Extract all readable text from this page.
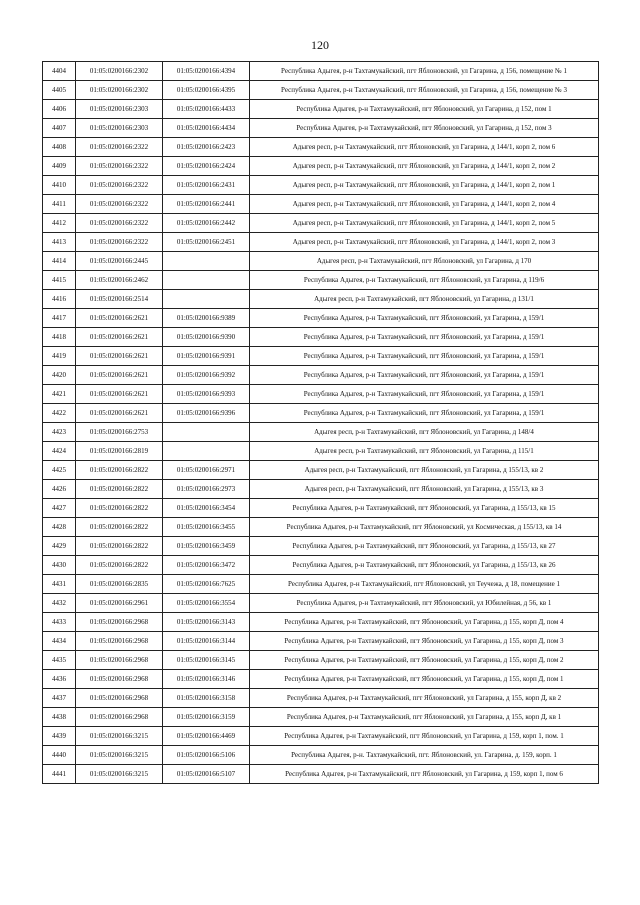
120
4404	01:05:0200166:2302	01:05:0200166:4394	Республика Адыгея, р-н Тахтамукайский, пгт Яблоновский, ул Гагарина, д 156, помещение № 1
4405	01:05:0200166:2302	01:05:0200166:4395	Республика Адыгея, р-н Тахтамукайский, пгт Яблоновский, ул Гагарина, д 156, помещение № 3
4406	01:05:0200166:2303	01:05:0200166:4433	Республика Адыгея, р-н Тахтамукайский, пгт Яблоновский, ул Гагарина, д 152, пом 1
4407	01:05:0200166:2303	01:05:0200166:4434	Республика Адыгея, р-н Тахтамукайский, пгт Яблоновский, ул Гагарина, д 152, пом 3
4408	01:05:0200166:2322	01:05:0200166:2423	Адыгея респ, р-н Тахтамукайский, пгт Яблоновский, ул Гагарина, д 144/1, корп 2, пом 6
4409	01:05:0200166:2322	01:05:0200166:2424	Адыгея респ, р-н Тахтамукайский, пгт Яблоновский, ул Гагарина, д 144/1, корп 2, пом 2
4410	01:05:0200166:2322	01:05:0200166:2431	Адыгея респ, р-н Тахтамукайский, пгт Яблоновский, ул Гагарина, д 144/1, корп 2, пом 1
4411	01:05:0200166:2322	01:05:0200166:2441	Адыгея респ, р-н Тахтамукайский, пгт Яблоновский, ул Гагарина, д 144/1, корп 2, пом 4
4412	01:05:0200166:2322	01:05:0200166:2442	Адыгея респ, р-н Тахтамукайский, пгт Яблоновский, ул Гагарина, д 144/1, корп 2, пом 5
4413	01:05:0200166:2322	01:05:0200166:2451	Адыгея респ, р-н Тахтамукайский, пгт Яблоновский, ул Гагарина, д 144/1, корп 2, пом 3
4414	01:05:0200166:2445		Адыгея респ, р-н Тахтамукайский, пгт Яблоновский, ул Гагарина, д 170
4415	01:05:0200166:2462		Республика Адыгея, р-н Тахтамукайский, пгт Яблоновский, ул Гагарина, д 119/6
4416	01:05:0200166:2514		Адыгея респ, р-н Тахтамукайский, пгт Яблоновский, ул Гагарина, д 131/1
4417	01:05:0200166:2621	01:05:0200166:9389	Республика Адыгея, р-н Тахтамукайский, пгт Яблоновский, ул Гагарина, д 159/1
4418	01:05:0200166:2621	01:05:0200166:9390	Республика Адыгея, р-н Тахтамукайский, пгт Яблоновский, ул Гагарина, д 159/1
4419	01:05:0200166:2621	01:05:0200166:9391	Республика Адыгея, р-н Тахтамукайский, пгт Яблоновский, ул Гагарина, д 159/1
4420	01:05:0200166:2621	01:05:0200166:9392	Республика Адыгея, р-н Тахтамукайский, пгт Яблоновский, ул Гагарина, д 159/1
4421	01:05:0200166:2621	01:05:0200166:9393	Республика Адыгея, р-н Тахтамукайский, пгт Яблоновский, ул Гагарина, д 159/1
4422	01:05:0200166:2621	01:05:0200166:9396	Республика Адыгея, р-н Тахтамукайский, пгт Яблоновский, ул Гагарина, д 159/1
4423	01:05:0200166:2753		Адыгея респ, р-н Тахтамукайский, пгт Яблоновский, ул Гагарина, д 148/4
4424	01:05:0200166:2819		Адыгея респ, р-н Тахтамукайский, пгт Яблоновский, ул Гагарина, д 115/1
4425	01:05:0200166:2822	01:05:0200166:2971	Адыгея респ, р-н Тахтамукайский, пгт Яблоновский, ул Гагарина, д 155/13, кв 2
4426	01:05:0200166:2822	01:05:0200166:2973	Адыгея респ, р-н Тахтамукайский, пгт Яблоновский, ул Гагарина, д 155/13, кв 3
4427	01:05:0200166:2822	01:05:0200166:3454	Республика Адыгея, р-н Тахтамукайский, пгт Яблоновский, ул Гагарина, д 155/13, кв 15
4428	01:05:0200166:2822	01:05:0200166:3455	Республика Адыгея, р-н Тахтамукайский, пгт Яблоновский, ул Космическая, д 155/13, кв 14
4429	01:05:0200166:2822	01:05:0200166:3459	Республика Адыгея, р-н Тахтамукайский, пгт Яблоновский, ул Гагарина, д 155/13, кв 27
4430	01:05:0200166:2822	01:05:0200166:3472	Республика Адыгея, р-н Тахтамукайский, пгт Яблоновский, ул Гагарина, д 155/13, кв 26
4431	01:05:0200166:2835	01:05:0200166:7625	Республика Адыгея, р-н Тахтамукайский, пгт Яблоновский, ул Теучежа, д 18, помещение 1
4432	01:05:0200166:2961	01:05:0200166:3554	Республика Адыгея, р-н Тахтамукайский, пгт Яблоновский, ул Юбилейная, д 56, кв 1
4433	01:05:0200166:2968	01:05:0200166:3143	Республика Адыгея, р-н Тахтамукайский, пгт Яблоновский, ул Гагарина, д 155, корп Д, пом 4
4434	01:05:0200166:2968	01:05:0200166:3144	Республика Адыгея, р-н Тахтамукайский, пгт Яблоновский, ул Гагарина, д 155, корп Д, пом 3
4435	01:05:0200166:2968	01:05:0200166:3145	Республика Адыгея, р-н Тахтамукайский, пгт Яблоновский, ул Гагарина, д 155, корп Д, пом 2
4436	01:05:0200166:2968	01:05:0200166:3146	Республика Адыгея, р-н Тахтамукайский, пгт Яблоновский, ул Гагарина, д 155, корп Д, пом 1
4437	01:05:0200166:2968	01:05:0200166:3158	Республика Адыгея, р-н Тахтамукайский, пгт Яблоновский, ул Гагарина, д 155, корп Д, кв 2
4438	01:05:0200166:2968	01:05:0200166:3159	Республика Адыгея, р-н Тахтамукайский, пгт Яблоновский, ул Гагарина, д 155, корп Д, кв 1
4439	01:05:0200166:3215	01:05:0200166:4469	Республика Адыгея, р-н Тахтамукайский, пгт Яблоновский, ул Гагарина, д 159, корп 1, пом. 1
4440	01:05:0200166:3215	01:05:0200166:5106	Республика Адыгея, р-н. Тахтамукайский, пгт. Яблоновский, ул. Гагарина, д. 159, корп. 1
4441	01:05:0200166:3215	01:05:0200166:5107	Республика Адыгея, р-н Тахтамукайский, пгт Яблоновский, ул Гагарина, д 159, корп 1, пом 6
